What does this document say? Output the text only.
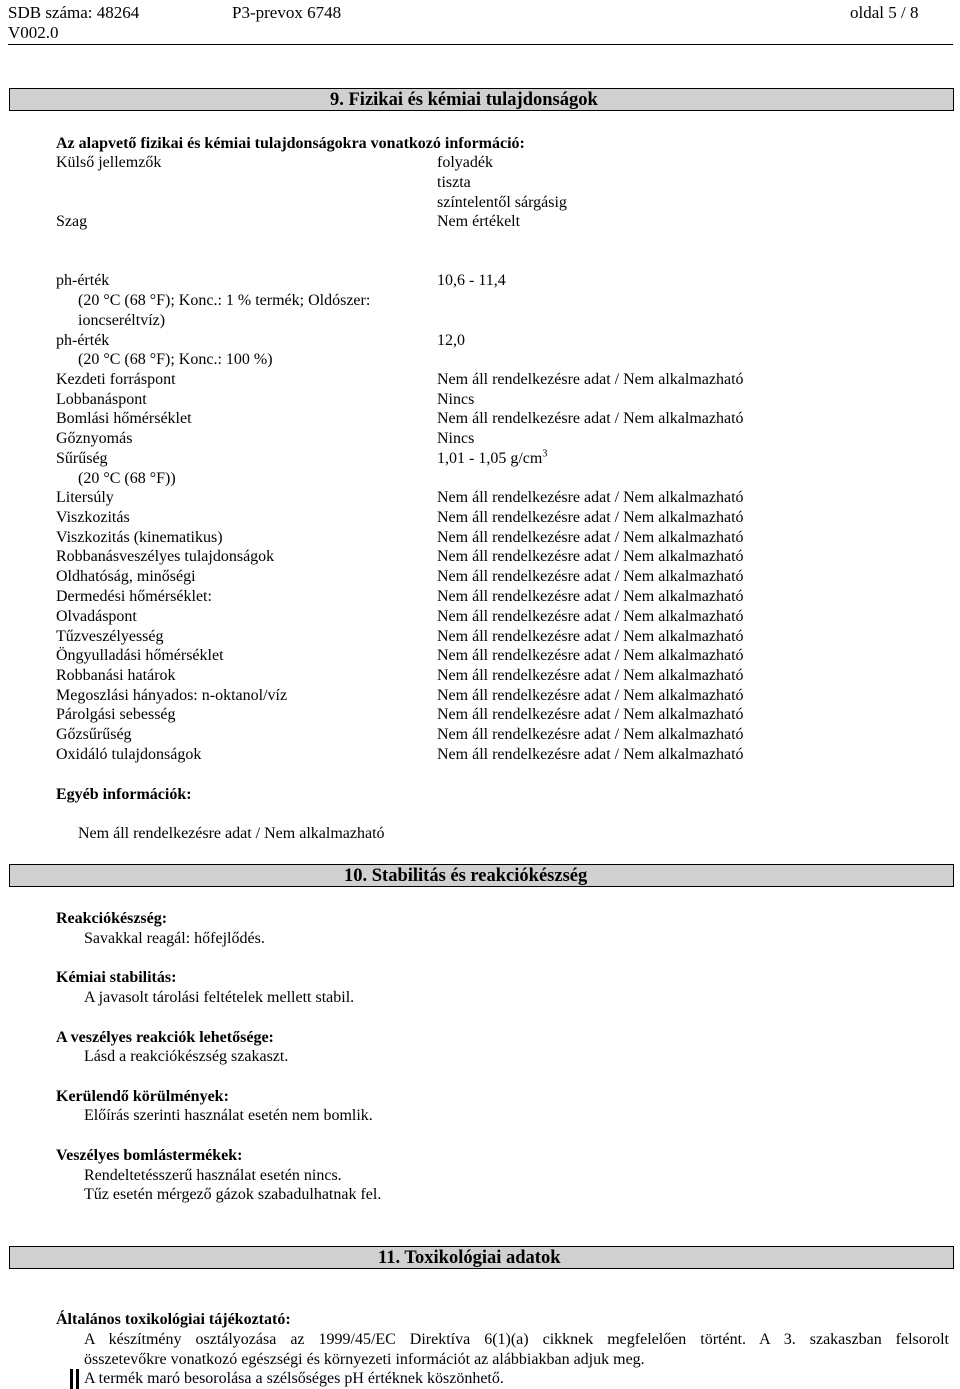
SDB száma: 48264	P3-prevox 6748	oldal 5 / 8
V002.0
9. Fizikai és kémiai tulajdonságok
Az alapvető fizikai és kémiai tulajdonságokra vonatkozó információ:
Külső jellemzők	folyadék
tiszta
színtelentől sárgásig
Szag	Nem értékelt
ph-érték	10,6 - 11,4
(20 °C (68 °F); Konc.: 1 % termék; Oldószer:
ioncseréltvíz)
ph-érték	12,0
(20 °C (68 °F); Konc.: 100 %)
Kezdeti forráspont	Nem áll rendelkezésre adat / Nem alkalmazható
Lobbanáspont	Nincs
Bomlási hőmérséklet	Nem áll rendelkezésre adat / Nem alkalmazható
Gőznyomás	Nincs
Sűrűség	1,01 - 1,05 $g/cm^3$
(20 °C (68 °F))
Litersúly	Nem áll rendelkezésre adat / Nem alkalmazható
Viszkozitás	Nem áll rendelkezésre adat / Nem alkalmazható
Viszkozitás (kinematikus)	Nem áll rendelkezésre adat / Nem alkalmazható
Robbanásveszélyes tulajdonságok	Nem áll rendelkezésre adat / Nem alkalmazható
Oldhatóság, minőségi	Nem áll rendelkezésre adat / Nem alkalmazható
Dermedési hőmérséklet:	Nem áll rendelkezésre adat / Nem alkalmazható
Olvadáspont	Nem áll rendelkezésre adat / Nem alkalmazható
Tűzveszélyesség	Nem áll rendelkezésre adat / Nem alkalmazható
Öngyulladási hőmérséklet	Nem áll rendelkezésre adat / Nem alkalmazható
Robbanási határok	Nem áll rendelkezésre adat / Nem alkalmazható
Megoszlási hányados: n-oktanol/víz	Nem áll rendelkezésre adat / Nem alkalmazható
Párolgási sebesség	Nem áll rendelkezésre adat / Nem alkalmazható
Gőzsűrűség	Nem áll rendelkezésre adat / Nem alkalmazható
Oxidáló tulajdonságok	Nem áll rendelkezésre adat / Nem alkalmazható
Egyéb információk:
Nem áll rendelkezésre adat / Nem alkalmazható
10. Stabilitás és reakciókészség
Reakciókészség:
Savakkal reagál: hőfejlődés.
Kémiai stabilitás:
A javasolt tárolási feltételek mellett stabil.
A veszélyes reakciók lehetősége:
Lásd a reakciókészség szakaszt.
Kerülendő körülmények:
Előírás szerinti használat esetén nem bomlik.
Veszélyes bomlástermékek:
Rendeltetésszerű használat esetén nincs.
Tűz esetén mérgező gázok szabadulhatnak fel.
11. Toxikológiai adatok
Általános toxikológiai tájékoztató:
A készítmény osztályozása az 1999/45/EC Direktíva 6(1)(a) cikknek megfelelően történt. A 3. szakaszban felsorolt
összetevőkre vonatkozó egészségi és környezeti információt az alábbiakban adjuk meg.
A termék maró besorolása a szélsőséges pH értéknek köszönhető.
